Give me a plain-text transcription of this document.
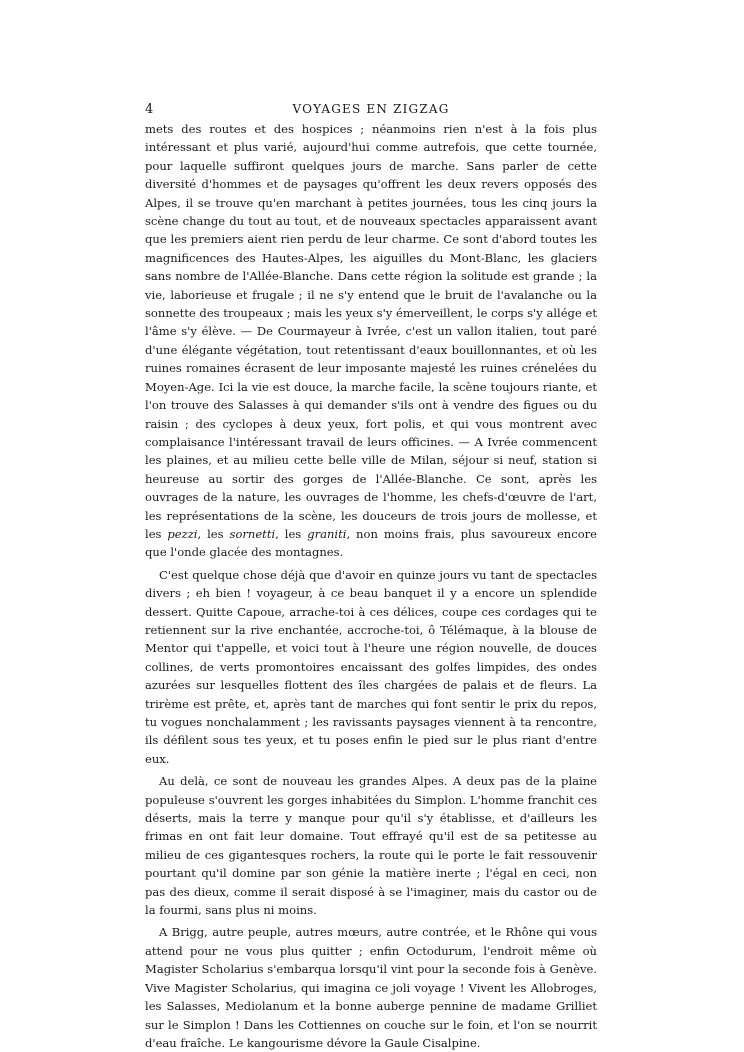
4	VOYAGES EN ZIGZAG

mets des routes et des hospices ; néanmoins rien n'est à la fois plus intéressant et plus varié, aujourd'hui comme autrefois, que cette tournée, pour laquelle suffiront quelques jours de marche. Sans parler de cette diversité d'hommes et de paysages qu'offrent les deux revers opposés des Alpes, il se trouve qu'en marchant à petites journées, tous les cinq jours la scène change du tout au tout, et de nouveaux spectacles apparaissent avant que les premiers aient rien perdu de leur charme. Ce sont d'abord toutes les magnificences des Hautes-Alpes, les aiguilles du Mont-Blanc, les glaciers sans nombre de l'Allée-Blanche. Dans cette région la solitude est grande ; la vie, laborieuse et frugale ; il ne s'y entend que le bruit de l'avalanche ou la sonnette des troupeaux ; mais les yeux s'y émerveillent, le corps s'y allége et l'âme s'y élève. — De Courmayeur à Ivrée, c'est un vallon italien, tout paré d'une élégante végétation, tout retentissant d'eaux bouillonnantes, et où les ruines romaines écrasent de leur imposante majesté les ruines crénelées du Moyen-Age. Ici la vie est douce, la marche facile, la scène toujours riante, et l'on trouve des Salasses à qui demander s'ils ont à vendre des figues ou du raisin ; des cyclopes à deux yeux, fort polis, et qui vous montrent avec complaisance l'intéressant travail de leurs officines. — A Ivrée commencent les plaines, et au milieu cette belle ville de Milan, séjour si neuf, station si heureuse au sortir des gorges de l'Allée-Blanche. Ce sont, après les ouvrages de la nature, les ouvrages de l'homme, les chefs-d'œuvre de l'art, les représentations de la scène, les douceurs de trois jours de mollesse, et les pezzi, les sornetti, les graniti, non moins frais, plus savoureux encore que l'onde glacée des montagnes.

C'est quelque chose déjà que d'avoir en quinze jours vu tant de spectacles divers ; eh bien ! voyageur, à ce beau banquet il y a encore un splendide dessert. Quitte Capoue, arrache-toi à ces délices, coupe ces cordages qui te retiennent sur la rive enchantée, accroche-toi, ô Télémaque, à la blouse de Mentor qui t'appelle, et voici tout à l'heure une région nouvelle, de douces collines, de verts promontoires encaissant des golfes limpides, des ondes azurées sur lesquelles flottent des îles chargées de palais et de fleurs. La trirème est prête, et, après tant de marches qui font sentir le prix du repos, tu vogues nonchalamment ; les ravissants paysages viennent à ta rencontre, ils défilent sous tes yeux, et tu poses enfin le pied sur le plus riant d'entre eux.

Au delà, ce sont de nouveau les grandes Alpes. A deux pas de la plaine populeuse s'ouvrent les gorges inhabitées du Simplon. L'homme franchit ces déserts, mais la terre y manque pour qu'il s'y établisse, et d'ailleurs les frimas en ont fait leur domaine. Tout effrayé qu'il est de sa petitesse au milieu de ces gigantesques rochers, la route qui le porte le fait ressouvenir pourtant qu'il domine par son génie la matière inerte ; l'égal en ceci, non pas des dieux, comme il serait disposé à se l'imaginer, mais du castor ou de la fourmi, sans plus ni moins.

A Brigg, autre peuple, autres mœurs, autre contrée, et le Rhône qui vous attend pour ne vous plus quitter ; enfin Octodurum, l'endroit même où Magister Scholarius s'embarqua lorsqu'il vint pour la seconde fois à Genève. Vive Magister Scholarius, qui imagina ce joli voyage ! Vivent les Allobroges, les Salasses, Mediolanum et la bonne auberge pennine de madame Grilliet sur le Simplon ! Dans les Cottiennes on couche sur le foin, et l'on se nourrit d'eau fraîche. Le kangourisme dévore la Gaule Cisalpine.
